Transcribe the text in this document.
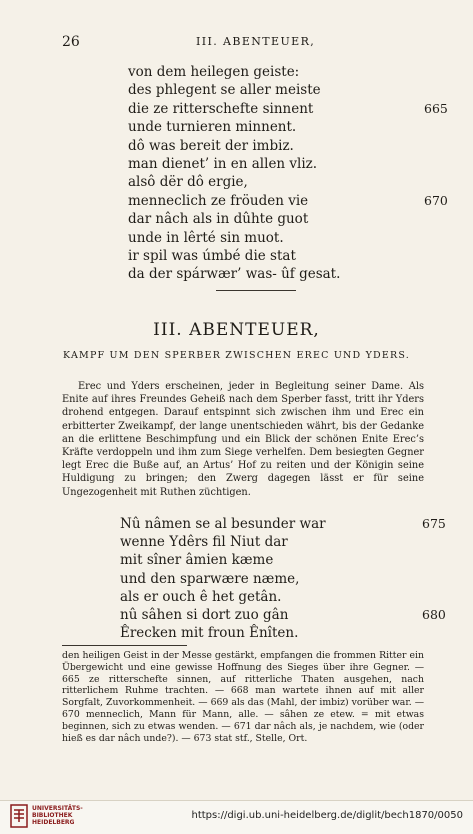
26	III. ABENTEUER,
von dem heilegen geiste:
des phlegent se aller meiste
die ze ritterschefte sinnent	665
unde turnieren minnent.
dô was bereit der imbiz.
man dienet’ in en allen vliz.
alsô dër dô ergie,
menneclich ze fröuden vie	670
dar nâch als in dûhte guot
unde in lêrté sin muot.
ir spil was úmbé die stat
da der spárwær’ was- ûf gesat.
III. ABENTEUER,
KAMPF UM DEN SPERBER ZWISCHEN EREC UND YDERS.

Erec und Yders erscheinen, jeder in Begleitung seiner Dame. Als Enite auf ihres Freundes Geheiß nach dem Sperber fasst, tritt ihr Yders drohend entgegen. Darauf entspinnt sich zwischen ihm und Erec ein erbitterter Zweikampf, der lange unentschieden währt, bis der Gedanke an die erlittene Beschimpfung und ein Blick der schönen Enite Erec’s Kräfte verdoppeln und ihm zum Siege verhelfen. Dem besiegten Gegner legt Erec die Buße auf, an Artus’ Hof zu reiten und der Königin seine Huldigung zu bringen; den Zwerg dagegen lässt er für seine Ungezogenheit mit Ruthen züchtigen.

Nû nâmen se al besunder war	675
wenne Ydêrs fil Niut dar
mit sîner âmien kæme
und den sparwære næme,
als er ouch ê het getân.
nû sâhen si dort zuo gân	680
Êrecken mit froun Ênîten.
den heiligen Geist in der Messe gestärkt, empfangen die frommen Ritter ein Übergewicht und eine gewisse Hoffnung des Sieges über ihre Gegner. — 665 ze ritterschefte sinnen, auf ritterliche Thaten ausgehen, nach ritterlichem Ruhme trachten. — 668 man wartete ihnen auf mit aller Sorgfalt, Zuvorkommenheit. — 669 als das (Mahl, der imbiz) vorüber war. — 670 menneclich, Mann für Mann, alle. — sâhen ze etew. = mit etwas beginnen, sich zu etwas wenden. — 671 dar nâch als, je nachdem, wie (oder hieß es dar nâch unde?). — 673 stat stf., Stelle, Ort.
UNIVERSITÄTS-
BIBLIOTHEK
HEIDELBERG
https://digi.ub.uni-heidelberg.de/diglit/bech1870/0050
